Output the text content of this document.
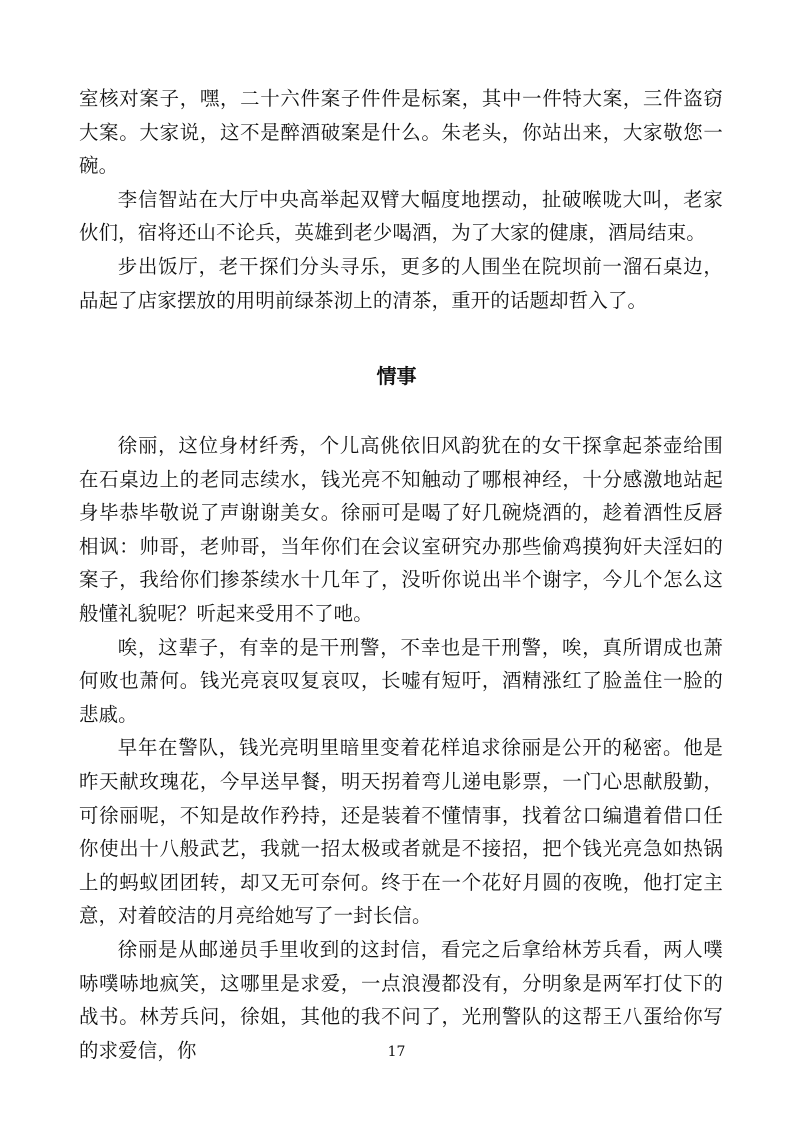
室核对案子，嘿，二十六件案子件件是标案，其中一件特大案，三件盗窃大案。大家说，这不是醉酒破案是什么。朱老头，你站出来，大家敬您一碗。

李信智站在大厅中央高举起双臂大幅度地摆动，扯破喉咙大叫，老家伙们，宿将还山不论兵，英雄到老少喝酒，为了大家的健康，酒局结束。

步出饭厅，老干探们分头寻乐，更多的人围坐在院坝前一溜石桌边，品起了店家摆放的用明前绿茶沏上的清茶，重开的话题却哲入了。

情事

徐丽，这位身材纤秀，个儿高佻依旧风韵犹在的女干探拿起茶壶给围在石桌边上的老同志续水，钱光亮不知触动了哪根神经，十分感激地站起身毕恭毕敬说了声谢谢美女。徐丽可是喝了好几碗烧酒的，趁着酒性反唇相讽：帅哥，老帅哥，当年你们在会议室研究办那些偷鸡摸狗奸夫淫妇的案子，我给你们掺茶续水十几年了，没听你说出半个谢字，今儿个怎么这般懂礼貌呢？听起来受用不了吔。

唉，这辈子，有幸的是干刑警，不幸也是干刑警，唉，真所谓成也萧何败也萧何。钱光亮哀叹复哀叹，长嘘有短吁，酒精涨红了脸盖住一脸的悲戚。

早年在警队，钱光亮明里暗里变着花样追求徐丽是公开的秘密。他是昨天献玫瑰花，今早送早餐，明天拐着弯儿递电影票，一门心思献殷勤，可徐丽呢，不知是故作矜持，还是装着不懂情事，找着岔口编遣着借口任你使出十八般武艺，我就一招太极或者就是不接招，把个钱光亮急如热锅上的蚂蚁团团转，却又无可奈何。终于在一个花好月圆的夜晚，他打定主意，对着皎洁的月亮给她写了一封长信。

徐丽是从邮递员手里收到的这封信，看完之后拿给林芳兵看，两人噗哧噗哧地疯笑，这哪里是求爱，一点浪漫都没有，分明象是两军打仗下的战书。林芳兵问，徐姐，其他的我不问了，光刑警队的这帮王八蛋给你写的求爱信，你	17
